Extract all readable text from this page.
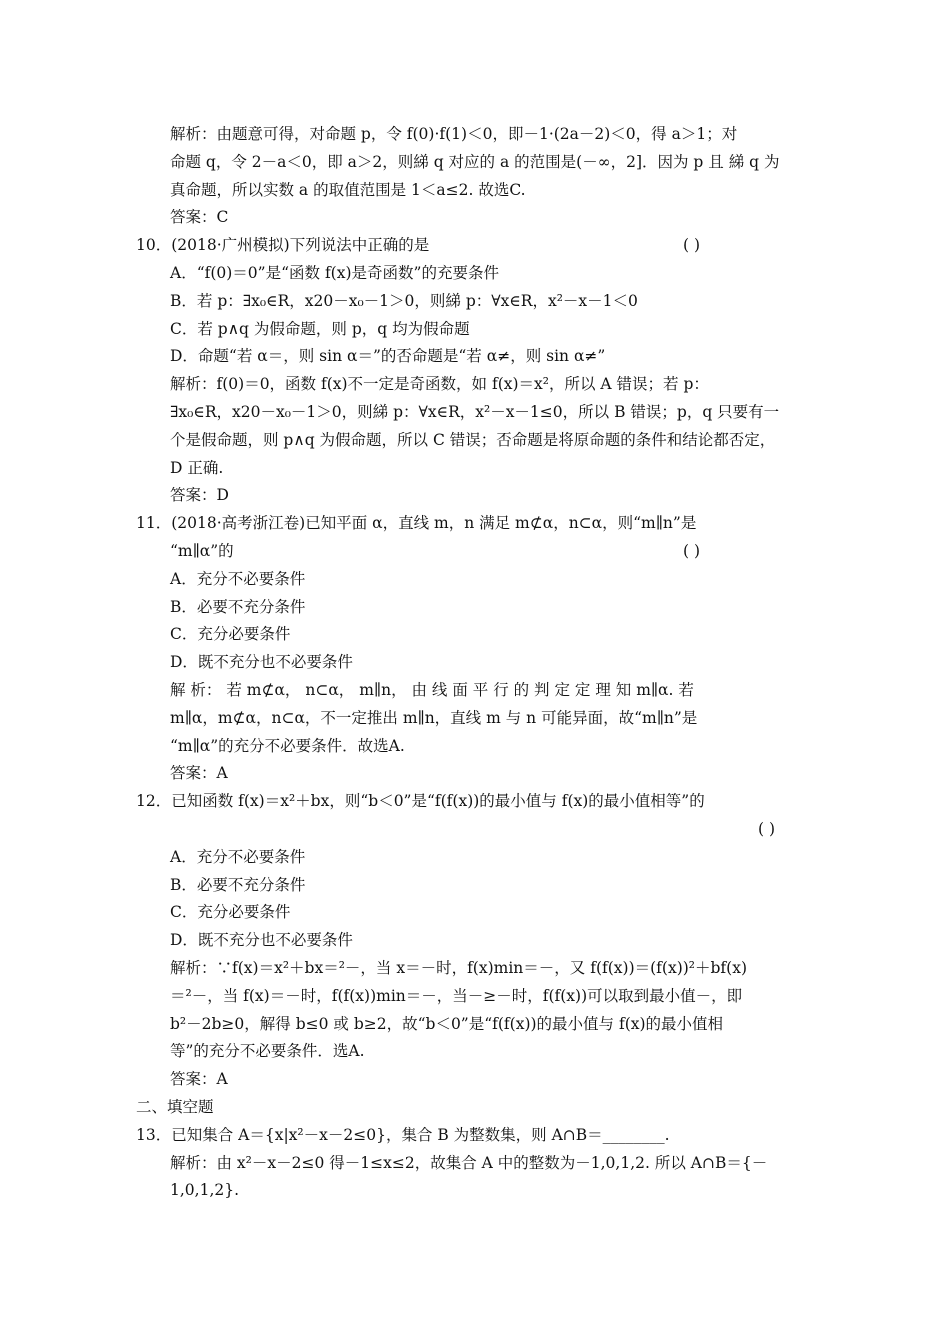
解析：由题意可得，对命题 p，令 f(0)·f(1)＜0，即－1·(2a－2)＜0，得 a＞1；对
命题 q，令 2－a＜0，即 a＞2，则綈 q 对应的 a 的范围是(－∞，2]．因为 p 且 綈 q 为
真命题，所以实数 a 的取值范围是 1＜a≤2. 故选C.
答案：C
10．(2018·广州模拟)下列说法中正确的是	( )
A．“f(0)＝0”是“函数 f(x)是奇函数”的充要条件
B．若 p：∃x₀∈R，x20－x₀－1＞0，则綈 p：∀x∈R，x²－x－1＜0
C．若 p∧q 为假命题，则 p，q 均为假命题
D．命题“若 α＝，则 sin α＝”的否命题是“若 α≠，则 sin α≠”
解析：f(0)＝0，函数 f(x)不一定是奇函数，如 f(x)＝x²，所以 A 错误；若 p：
∃x₀∈R，x20－x₀－1＞0，则綈 p：∀x∈R，x²－x－1≤0，所以 B 错误；p，q 只要有一
个是假命题，则 p∧q 为假命题，所以 C 错误；否命题是将原命题的条件和结论都否定，
D 正确.
答案：D
11．(2018·高考浙江卷)已知平面 α，直线 m，n 满足 m⊄α，n⊂α，则“m∥n”是
“m∥α”的	( )
A．充分不必要条件
B．必要不充分条件
C．充分必要条件
D．既不充分也不必要条件
解 析： 若 m⊄α， n⊂α， m∥n， 由 线 面 平 行 的 判 定 定 理 知 m∥α. 若
m∥α，m⊄α，n⊂α，不一定推出 m∥n，直线 m 与 n 可能异面，故“m∥n”是
“m∥α”的充分不必要条件．故选A.
答案：A
12．已知函数 f(x)＝x²＋bx，则“b＜0”是“f(f(x))的最小值与 f(x)的最小值相等”的
( )
A．充分不必要条件
B．必要不充分条件
C．充分必要条件
D．既不充分也不必要条件
解析：∵f(x)＝x²＋bx＝²－，当 x＝－时，f(x)min＝－，又 f(f(x))＝(f(x))²＋bf(x)
＝²－，当 f(x)＝－时，f(f(x))min＝－，当－≥－时，f(f(x))可以取到最小值－，即
b²－2b≥0，解得 b≤0 或 b≥2，故“b＜0”是“f(f(x))的最小值与 f(x)的最小值相
等”的充分不必要条件．选A.
答案：A
二、填空题
13．已知集合 A＝{x|x²－x－2≤0}，集合 B 为整数集，则 A∩B＝________.
解析：由 x²－x－2≤0 得－1≤x≤2，故集合 A 中的整数为－1,0,1,2. 所以 A∩B＝{－
1,0,1,2}.
